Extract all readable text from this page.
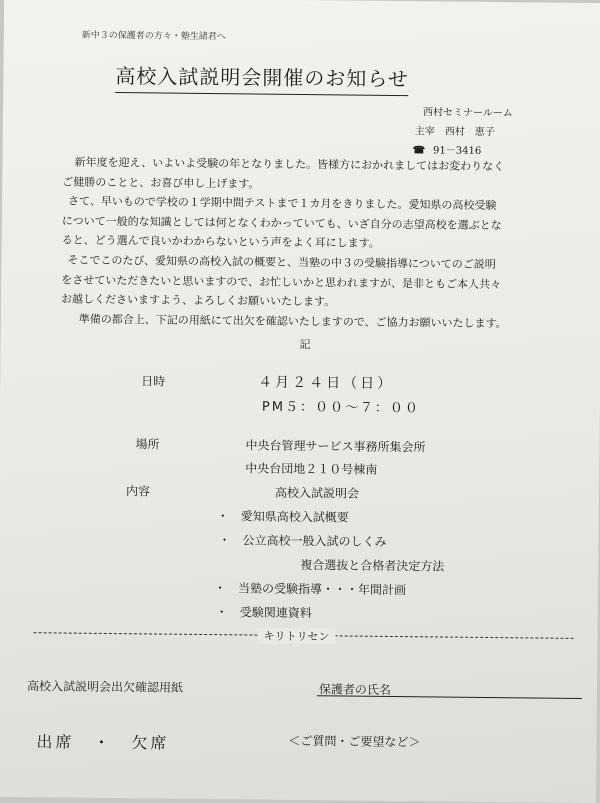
新中３の保護者の方々・塾生諸君へ
高校入試説明会開催のお知らせ
西村セミナールーム
主宰　西村　恵子
☎ 91－3416

新年度を迎え、いよいよ受験の年となりました。皆様方におかれましてはお変わりなく

ご健勝のことと、お喜び申し上げます。

さて、早いもので学校の１学期中間テストまで１カ月をきりました。愛知県の高校受験

について一般的な知識としては何となくわかっていても、いざ自分の志望高校を選ぶとな

ると、どう選んで良いかわからないという声をよく耳にします。

そこでこのたび、愛知県の高校入試の概要と、当塾の中３の受験指導についてのご説明

をさせていただきたいと思いますので、お忙しいかと思われますが、是非ともご本人共々

お越しくださいますよう、よろしくお願いいたします。

準備の都合上、下記の用紙にて出欠を確認いたしますので、ご協力お願いいたします。

記
日時	４月２４日（日）
PM５：００～７：００
場所	中央台管理サービス事務所集会所
中央台団地２１０号棟南
内容	高校入試説明会
・　愛知県高校入試概要
・　公立高校一般入試のしくみ
複合選抜と合格者決定方法
・　当塾の受験指導・・・年間計画
・　受験関連資料
キリトリセン
高校入試説明会出欠確認用紙	保護者の氏名
出席　・　欠席	＜ご質問・ご要望など＞
